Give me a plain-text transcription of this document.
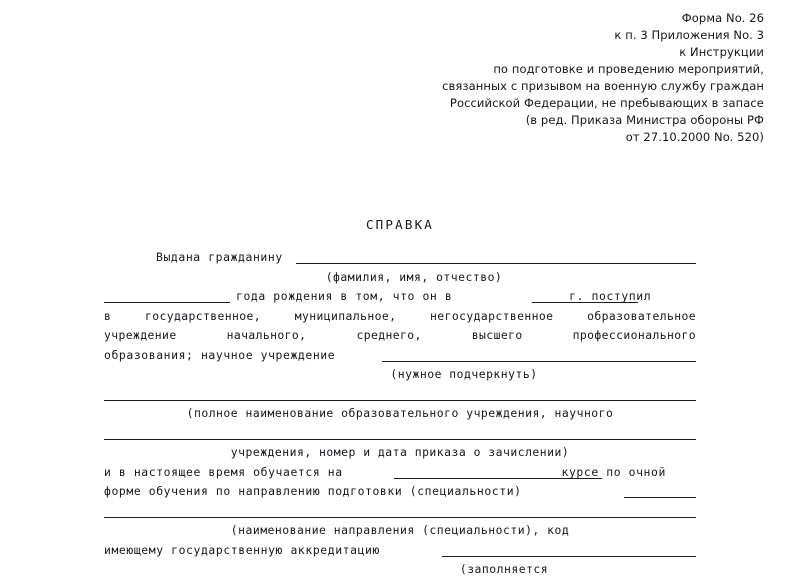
Форма No. 26
к п. 3 Приложения No. 3
к Инструкции
по подготовке и проведению мероприятий,
связанных с призывом на военную службу граждан
Российской Федерации, не пребывающих в запасе
(в ред. Приказа Министра обороны РФ
от 27.10.2000 No. 520)
СПРАВКА
Выдана гражданину
(фамилия, имя, отчество)
года рождения в том, что он в	г. поступил
в государственное, муниципальное, негосударственное образовательное
учреждение начального, среднего, высшего профессионального
образования; научное учреждение
(нужное подчеркнуть)
(полное наименование образовательного учреждения, научного
учреждения, номер и дата приказа о зачислении)
и в настоящее время обучается на	курсе по очной
форме обучения по направлению подготовки (специальности)
(наименование направления (специальности), код
имеющему государственную аккредитацию
(заполняется
